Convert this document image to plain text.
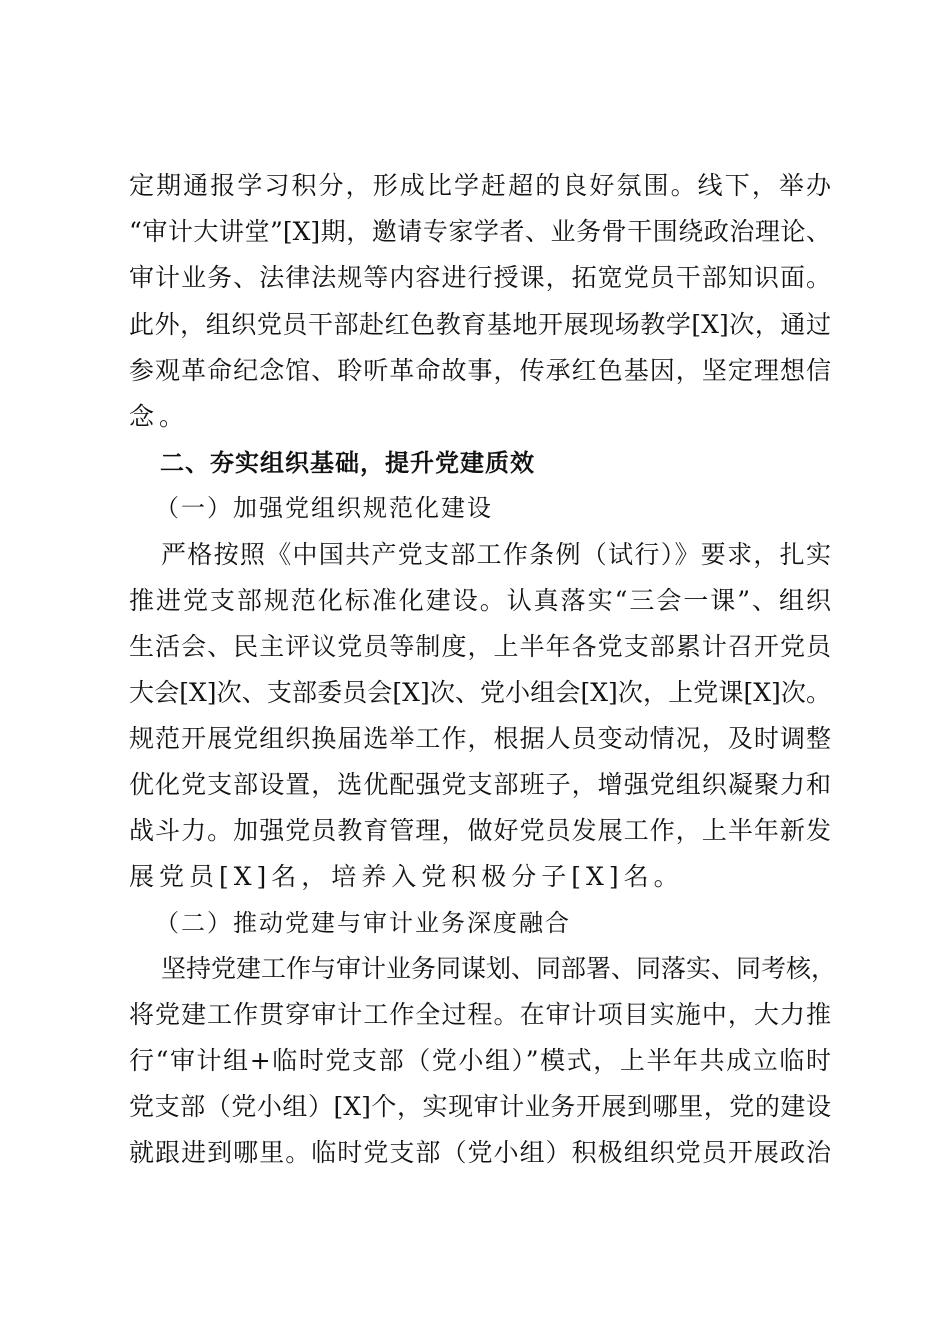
定期通报学习积分，形成比学赶超的良好氛围。线下，举办
“审计大讲堂”[X]期，邀请专家学者、业务骨干围绕政治理论、
审计业务、法律法规等内容进行授课，拓宽党员干部知识面。
此外，组织党员干部赴红色教育基地开展现场教学[X]次，通过
参观革命纪念馆、聆听革命故事，传承红色基因，坚定理想信
念。
二、夯实组织基础，提升党建质效
（一）加强党组织规范化建设
严格按照《中国共产党支部工作条例（试行）》要求，扎实
推进党支部规范化标准化建设。认真落实“三会一课”、组织
生活会、民主评议党员等制度，上半年各党支部累计召开党员
大会[X]次、支部委员会[X]次、党小组会[X]次，上党课[X]次。
规范开展党组织换届选举工作，根据人员变动情况，及时调整
优化党支部设置，选优配强党支部班子，增强党组织凝聚力和
战斗力。加强党员教育管理，做好党员发展工作，上半年新发
展党员[X]名，培养入党积极分子[X]名。
（二）推动党建与审计业务深度融合
坚持党建工作与审计业务同谋划、同部署、同落实、同考核，
将党建工作贯穿审计工作全过程。在审计项目实施中，大力推
行“审计组+临时党支部（党小组）”模式，上半年共成立临时
党支部（党小组）[X]个，实现审计业务开展到哪里，党的建设
就跟进到哪里。临时党支部（党小组）积极组织党员开展政治
